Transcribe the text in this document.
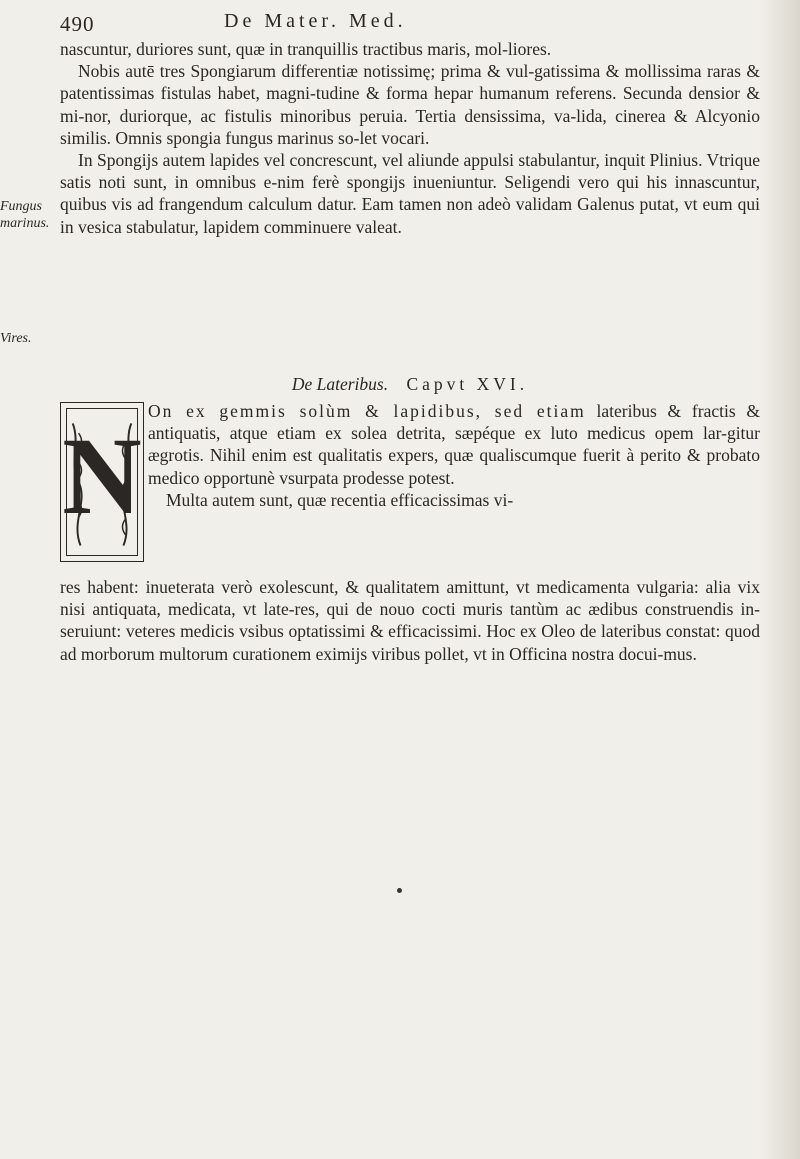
490	De Mater. Med.
Fungus marinus.
Vires.

nascuntur, duriores sunt, quæ in tranquillis tractibus maris, mol-liores.

Nobis autē tres Spongiarum differentiæ notissimę; prima & vul-gatissima & mollissima raras & patentissimas fistulas habet, magni-tudine & forma hepar humanum referens. Secunda densior & mi-nor, duriorque, ac fistulis minoribus peruia. Tertia densissima, va-lida, cinerea & Alcyonio similis. Omnis spongia fungus marinus so-let vocari.

In Spongijs autem lapides vel concrescunt, vel aliunde appulsi stabulantur, inquit Plinius. Vtrique satis noti sunt, in omnibus e-nim ferè spongijs inueniuntur. Seligendi vero qui his innascuntur, quibus vis ad frangendum calculum datur. Eam tamen non adeò validam Galenus putat, vt eum qui in vesica stabulatur, lapidem comminuere valeat.

De Lateribus. Capvt XVI.
N

On ex gemmis solùm & lapidibus, sed etiam lateribus & fractis & antiquatis, atque etiam ex solea detrita, sæpéque ex luto medicus opem lar-gitur ægrotis. Nihil enim est qualitatis expers, quæ qualiscumque fuerit à perito & probato medico opportunè vsurpata prodesse potest.

Multa autem sunt, quæ recentia efficacissimas vi-

res habent: inueterata verò exolescunt, & qualitatem amittunt, vt medicamenta vulgaria: alia vix nisi antiquata, medicata, vt late-res, qui de nouo cocti muris tantùm ac ædibus construendis in-seruiunt: veteres medicis vsibus optatissimi & efficacissimi. Hoc ex Oleo de lateribus constat: quod ad morborum multorum curationem eximijs viribus pollet, vt in Officina nostra docui-mus.
